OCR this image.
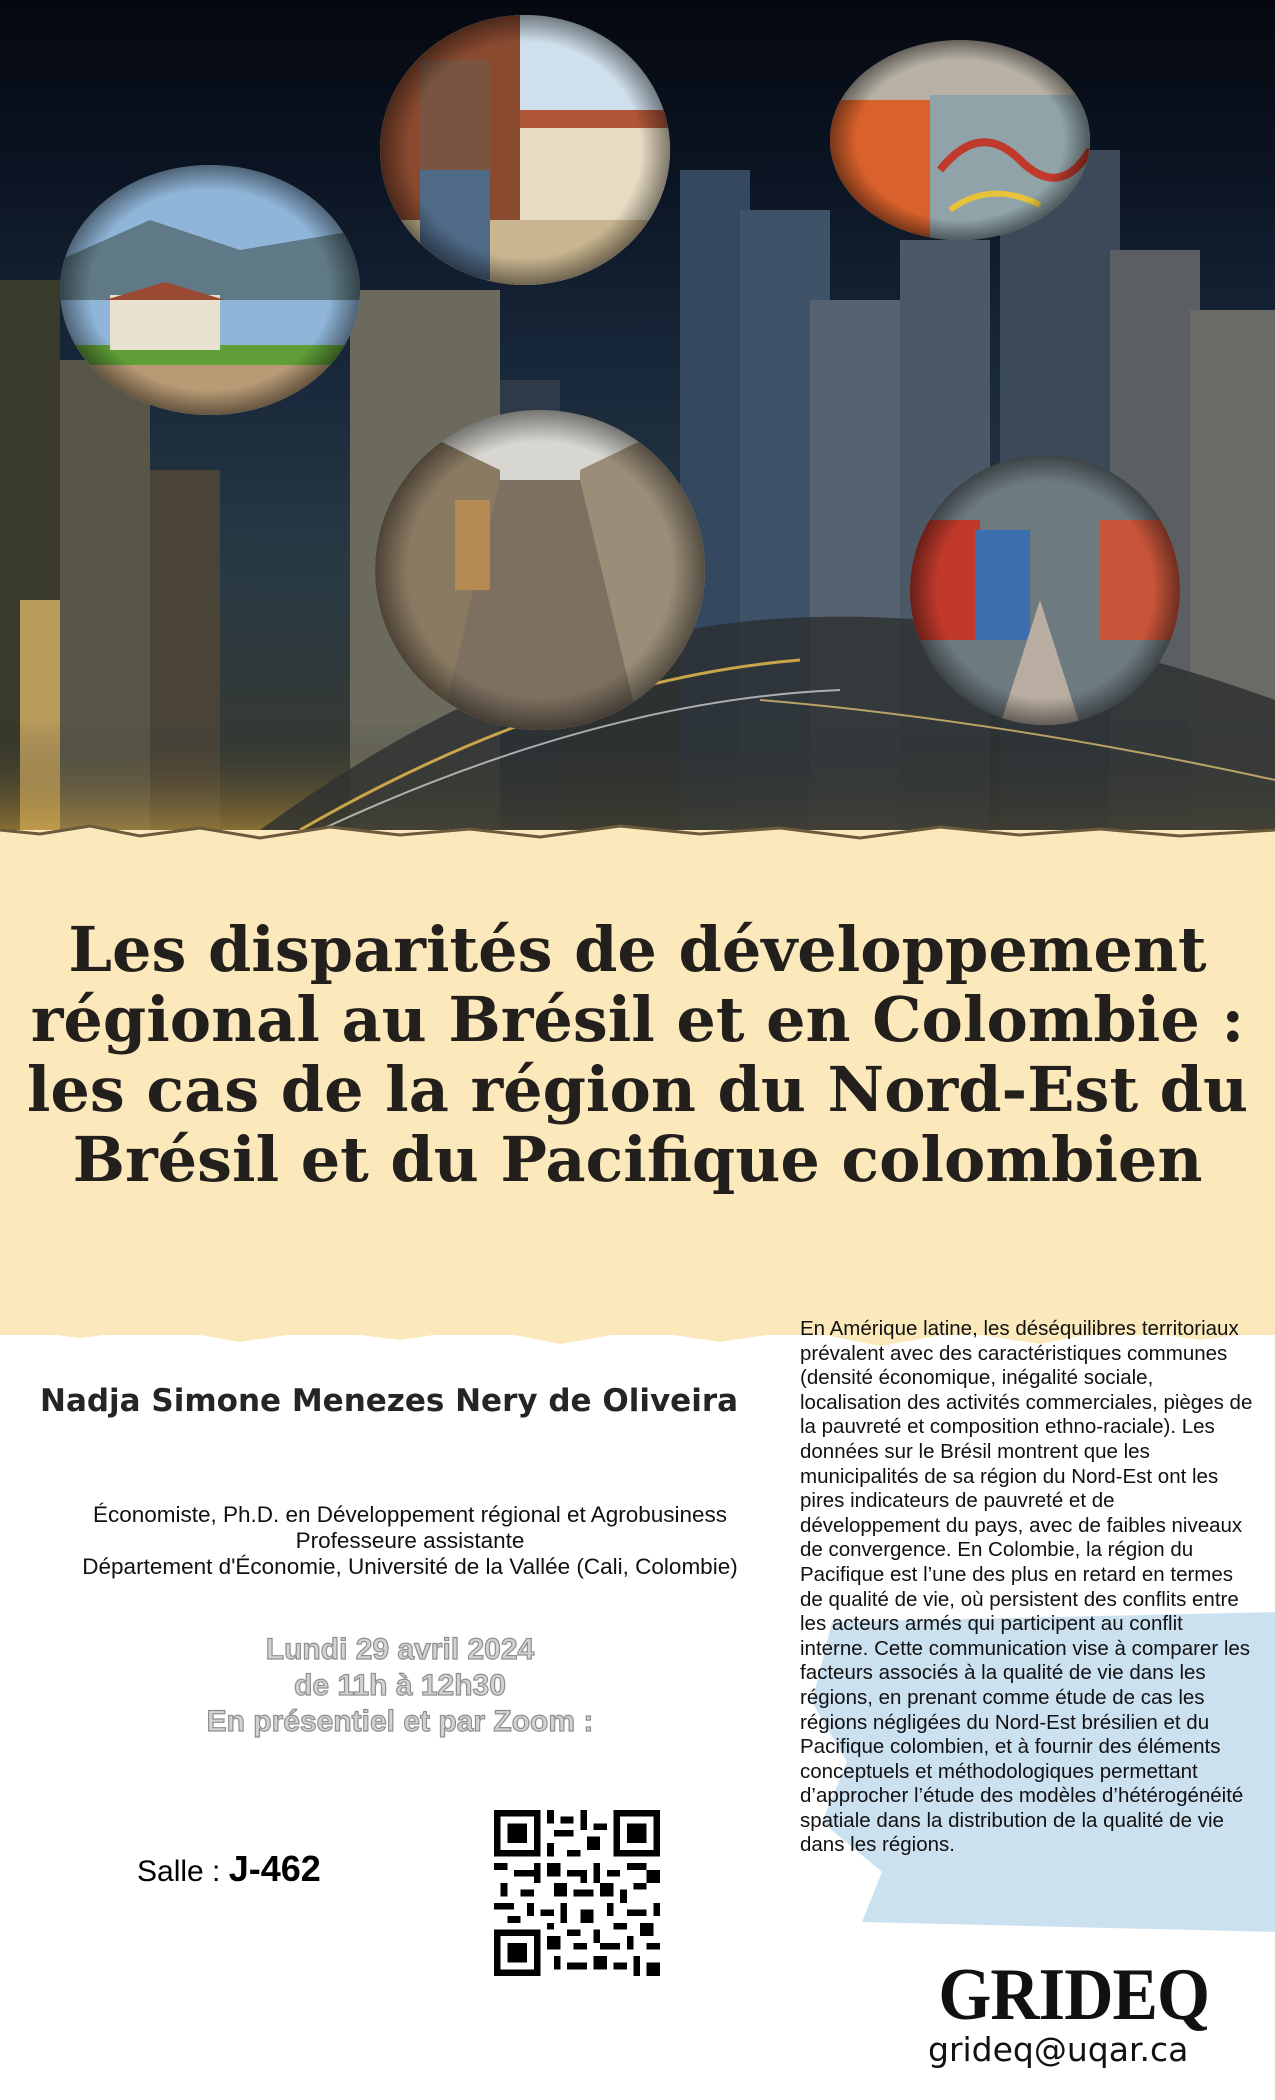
Les disparités de développement régional au Brésil et en Colombie : les cas de la région du Nord-Est du Brésil et du Pacifique colombien
Nadja Simone Menezes Nery de Oliveira
Économiste, Ph.D. en Développement régional et Agrobusiness
Professeure assistante
Département d'Économie, Université de la Vallée (Cali, Colombie)
Lundi 29 avril 2024
de 11h à 12h30
En présentiel et par Zoom :
Salle : J-462

En Amérique latine, les déséquilibres territoriaux prévalent avec des caractéristiques communes (densité économique, inégalité sociale, localisation des activités commerciales, pièges de la pauvreté et composition ethno-raciale). Les données sur le Brésil montrent que les municipalités de sa région du Nord-Est ont les pires indicateurs de pauvreté et de développement du pays, avec de faibles niveaux de convergence. En Colombie, la région du Pacifique est l’une des plus en retard en termes de qualité de vie, où persistent des conflits entre les acteurs armés qui participent au conflit interne. Cette communication vise à comparer les facteurs associés à la qualité de vie dans les régions, en prenant comme étude de cas les régions négligées du Nord-Est brésilien et du Pacifique colombien, et à fournir des éléments conceptuels et méthodologiques permettant d’approcher l’étude des modèles d’hétérogénéité spatiale dans la distribution de la qualité de vie dans les régions.

GRIDEQ
grideq@uqar.ca
